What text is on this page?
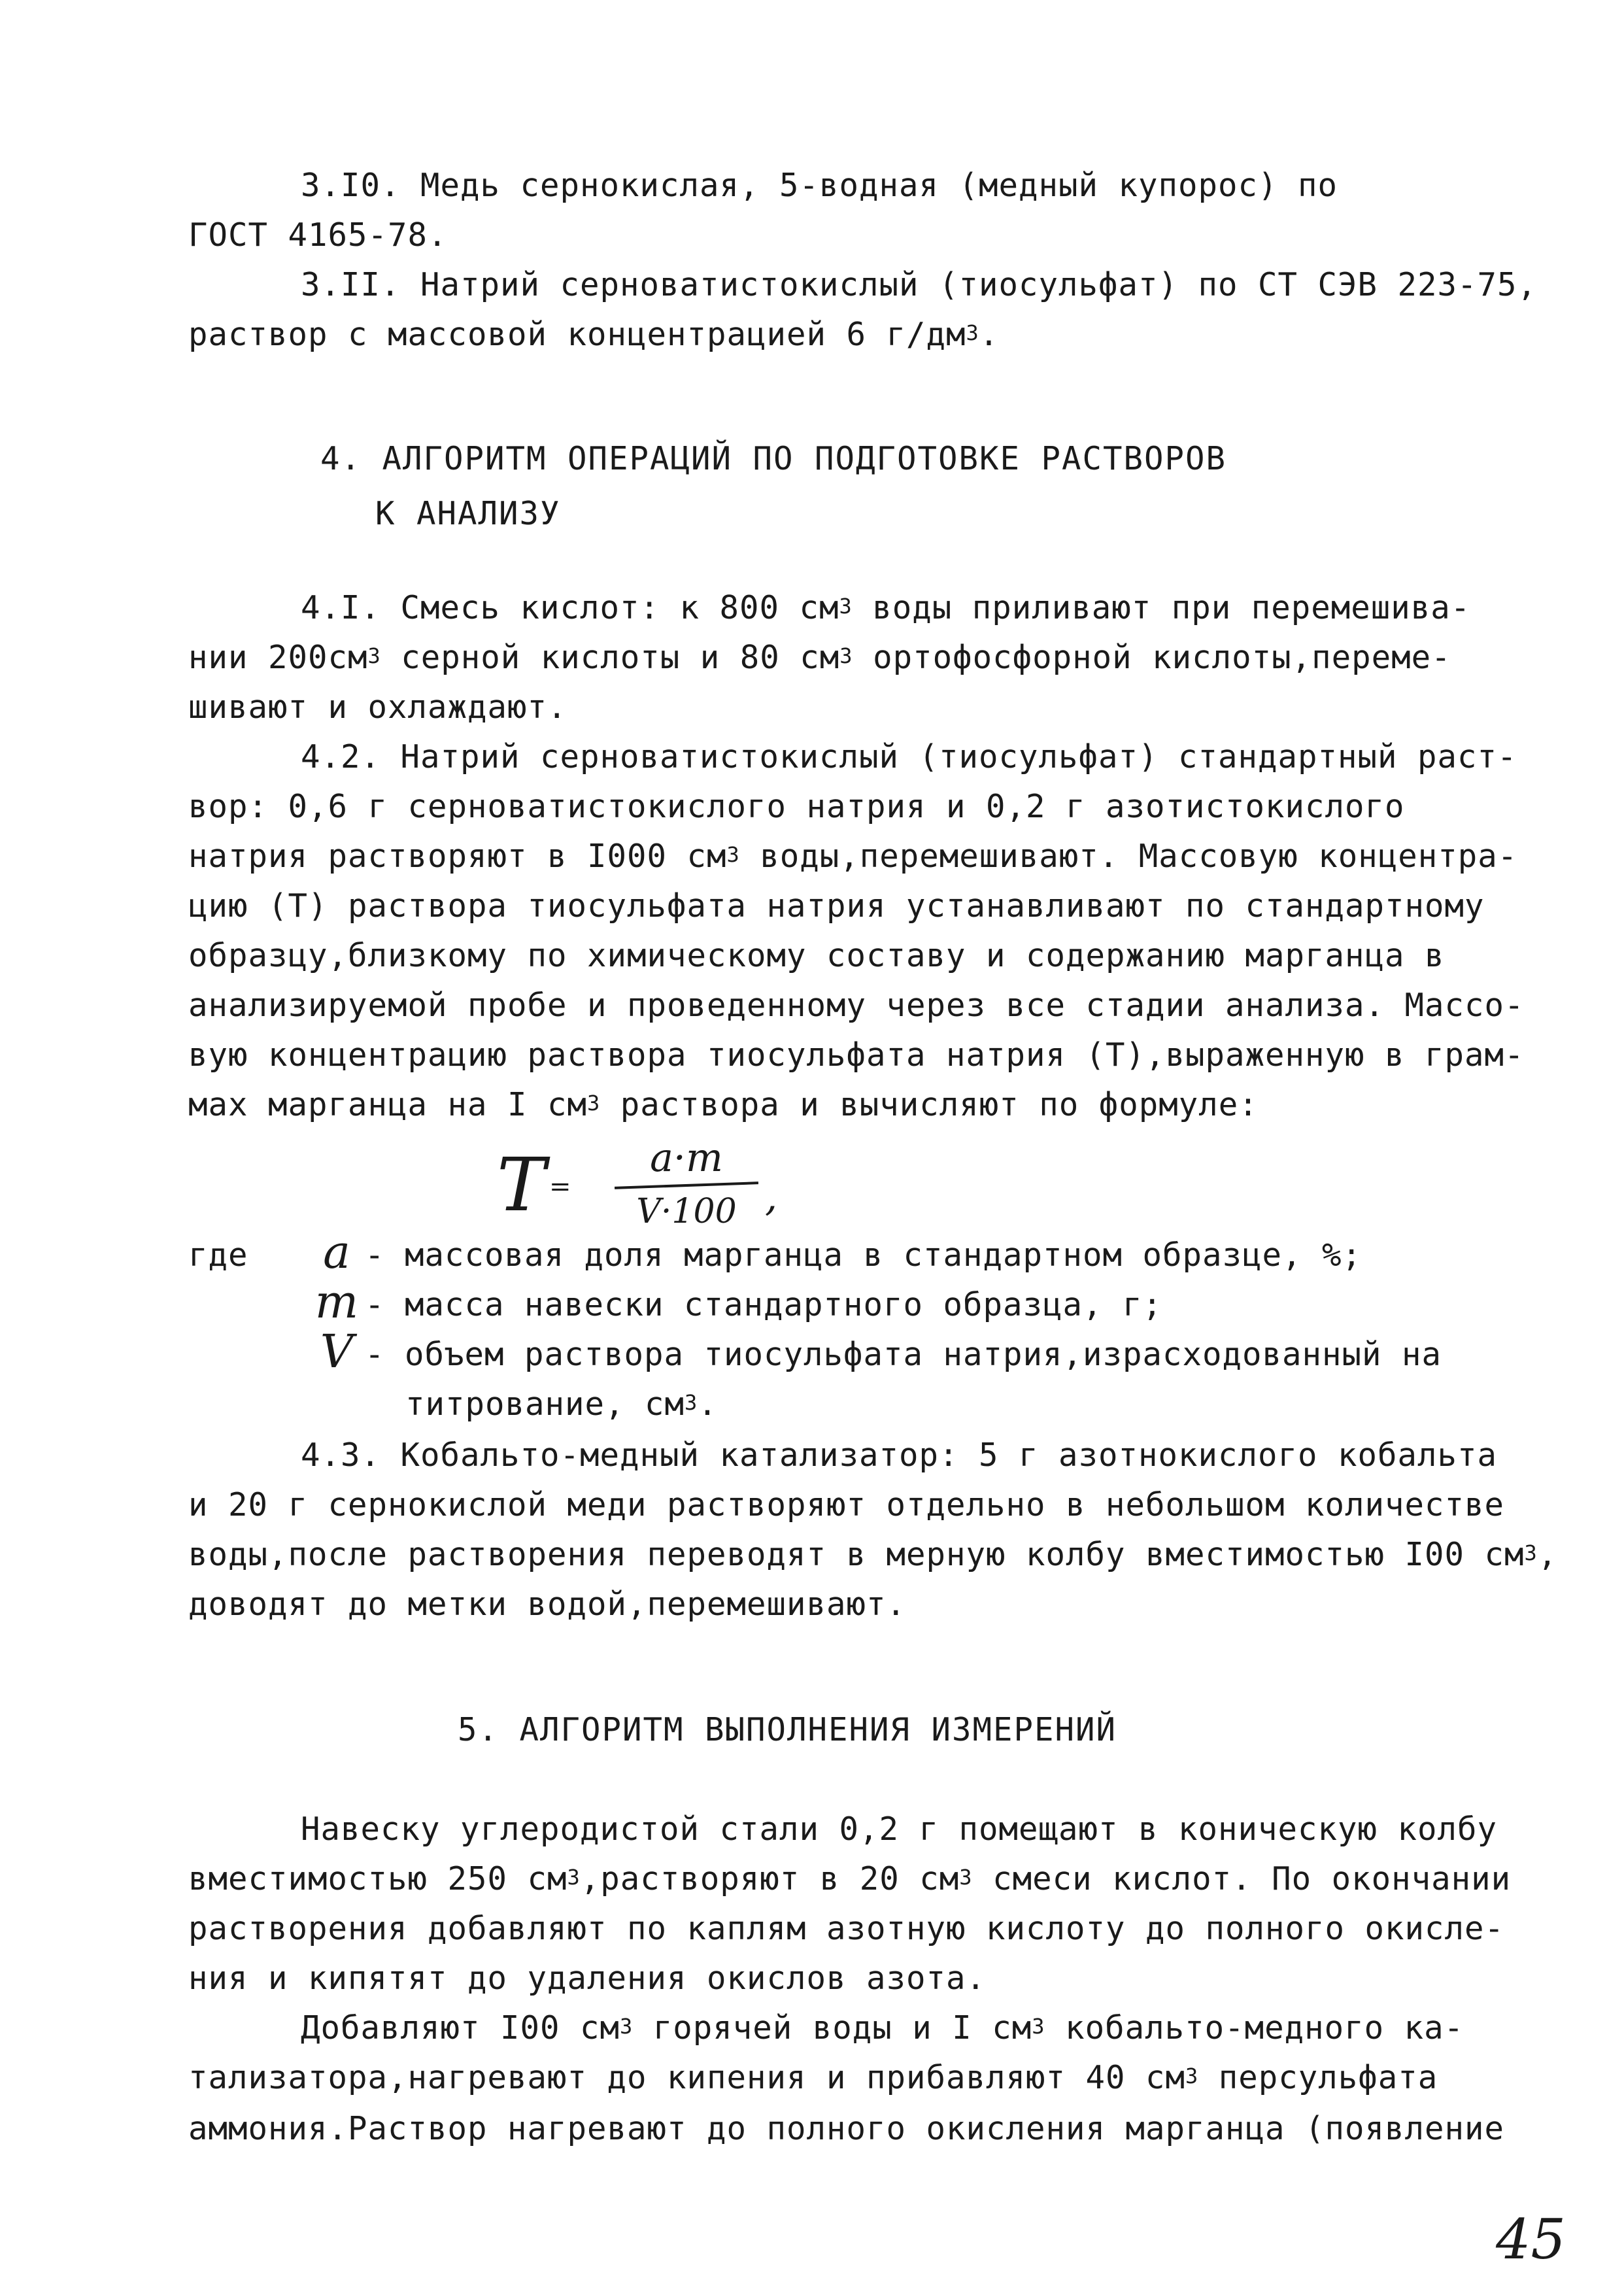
3.I0. Медь сернокислая, 5-водная (медный купорос) по

ГОСТ 4165-78.

3.II. Натрий серноватистокислый (тиосульфат) по СТ СЭВ 223-75,

раствор с массовой концентрацией 6 $г/дм^3$.

4. АЛГОРИТМ ОПЕРАЦИЙ ПО ПОДГОТОВКЕ РАСТВОРОВ

К АНАЛИЗУ

4.I. Смесь кислот: к 800 $см^3$ воды приливают при перемешива-

нии $200см^3$ серной кислоты и 80 $см^3$ ортофосфорной кислоты,переме-

шивают и охлаждают.

4.2. Натрий серноватистокислый (тиосульфат) стандартный раст-

вор: 0,6 г серноватистокислого натрия и 0,2 г азотистокислого

натрия растворяют в I000 $см^3$ воды,перемешивают. Массовую концентра-

цию (Т) раствора тиосульфата натрия устанавливают по стандартному

образцу,близкому по химическому составу и содержанию марганца в

анализируемой пробе и проведенному через все стадии анализа. Массо-

вую концентрацию раствора тиосульфата натрия (Т),выраженную в грам-

мах марганца на I $см^3$ раствора и вычисляют по формуле:

T =
a·m
V·100 ,

где	a - массовая доля марганца в стандартном образце, %;

m - масса навески стандартного образца, г;

V - объем раствора тиосульфата натрия,израсходованный на

титрование, $см^3$.

4.3. Кобальто-медный катализатор: 5 г азотнокислого кобальта

и 20 г сернокислой меди растворяют отдельно в небольшом количестве

воды,после растворения переводят в мерную колбу вместимостью I00 $см^3$,

доводят до метки водой,перемешивают.

5. АЛГОРИТМ ВЫПОЛНЕНИЯ ИЗМЕРЕНИЙ

Навеску углеродистой стали 0,2 г помещают в коническую колбу

вместимостью 250 $см^3,растворяют$ в 20 $см^3$ смеси кислот. По окончании

растворения добавляют по каплям азотную кислоту до полного окисле-

ния и кипятят до удаления окислов азота.

Добавляют I00 $см^3$ горячей воды и I $см^3$ кобальто-медного ка-

тализатора,нагревают до кипения и прибавляют 40 $см^3$ персульфата

аммония.Раствор нагревают до полного окисления марганца (появление

45
